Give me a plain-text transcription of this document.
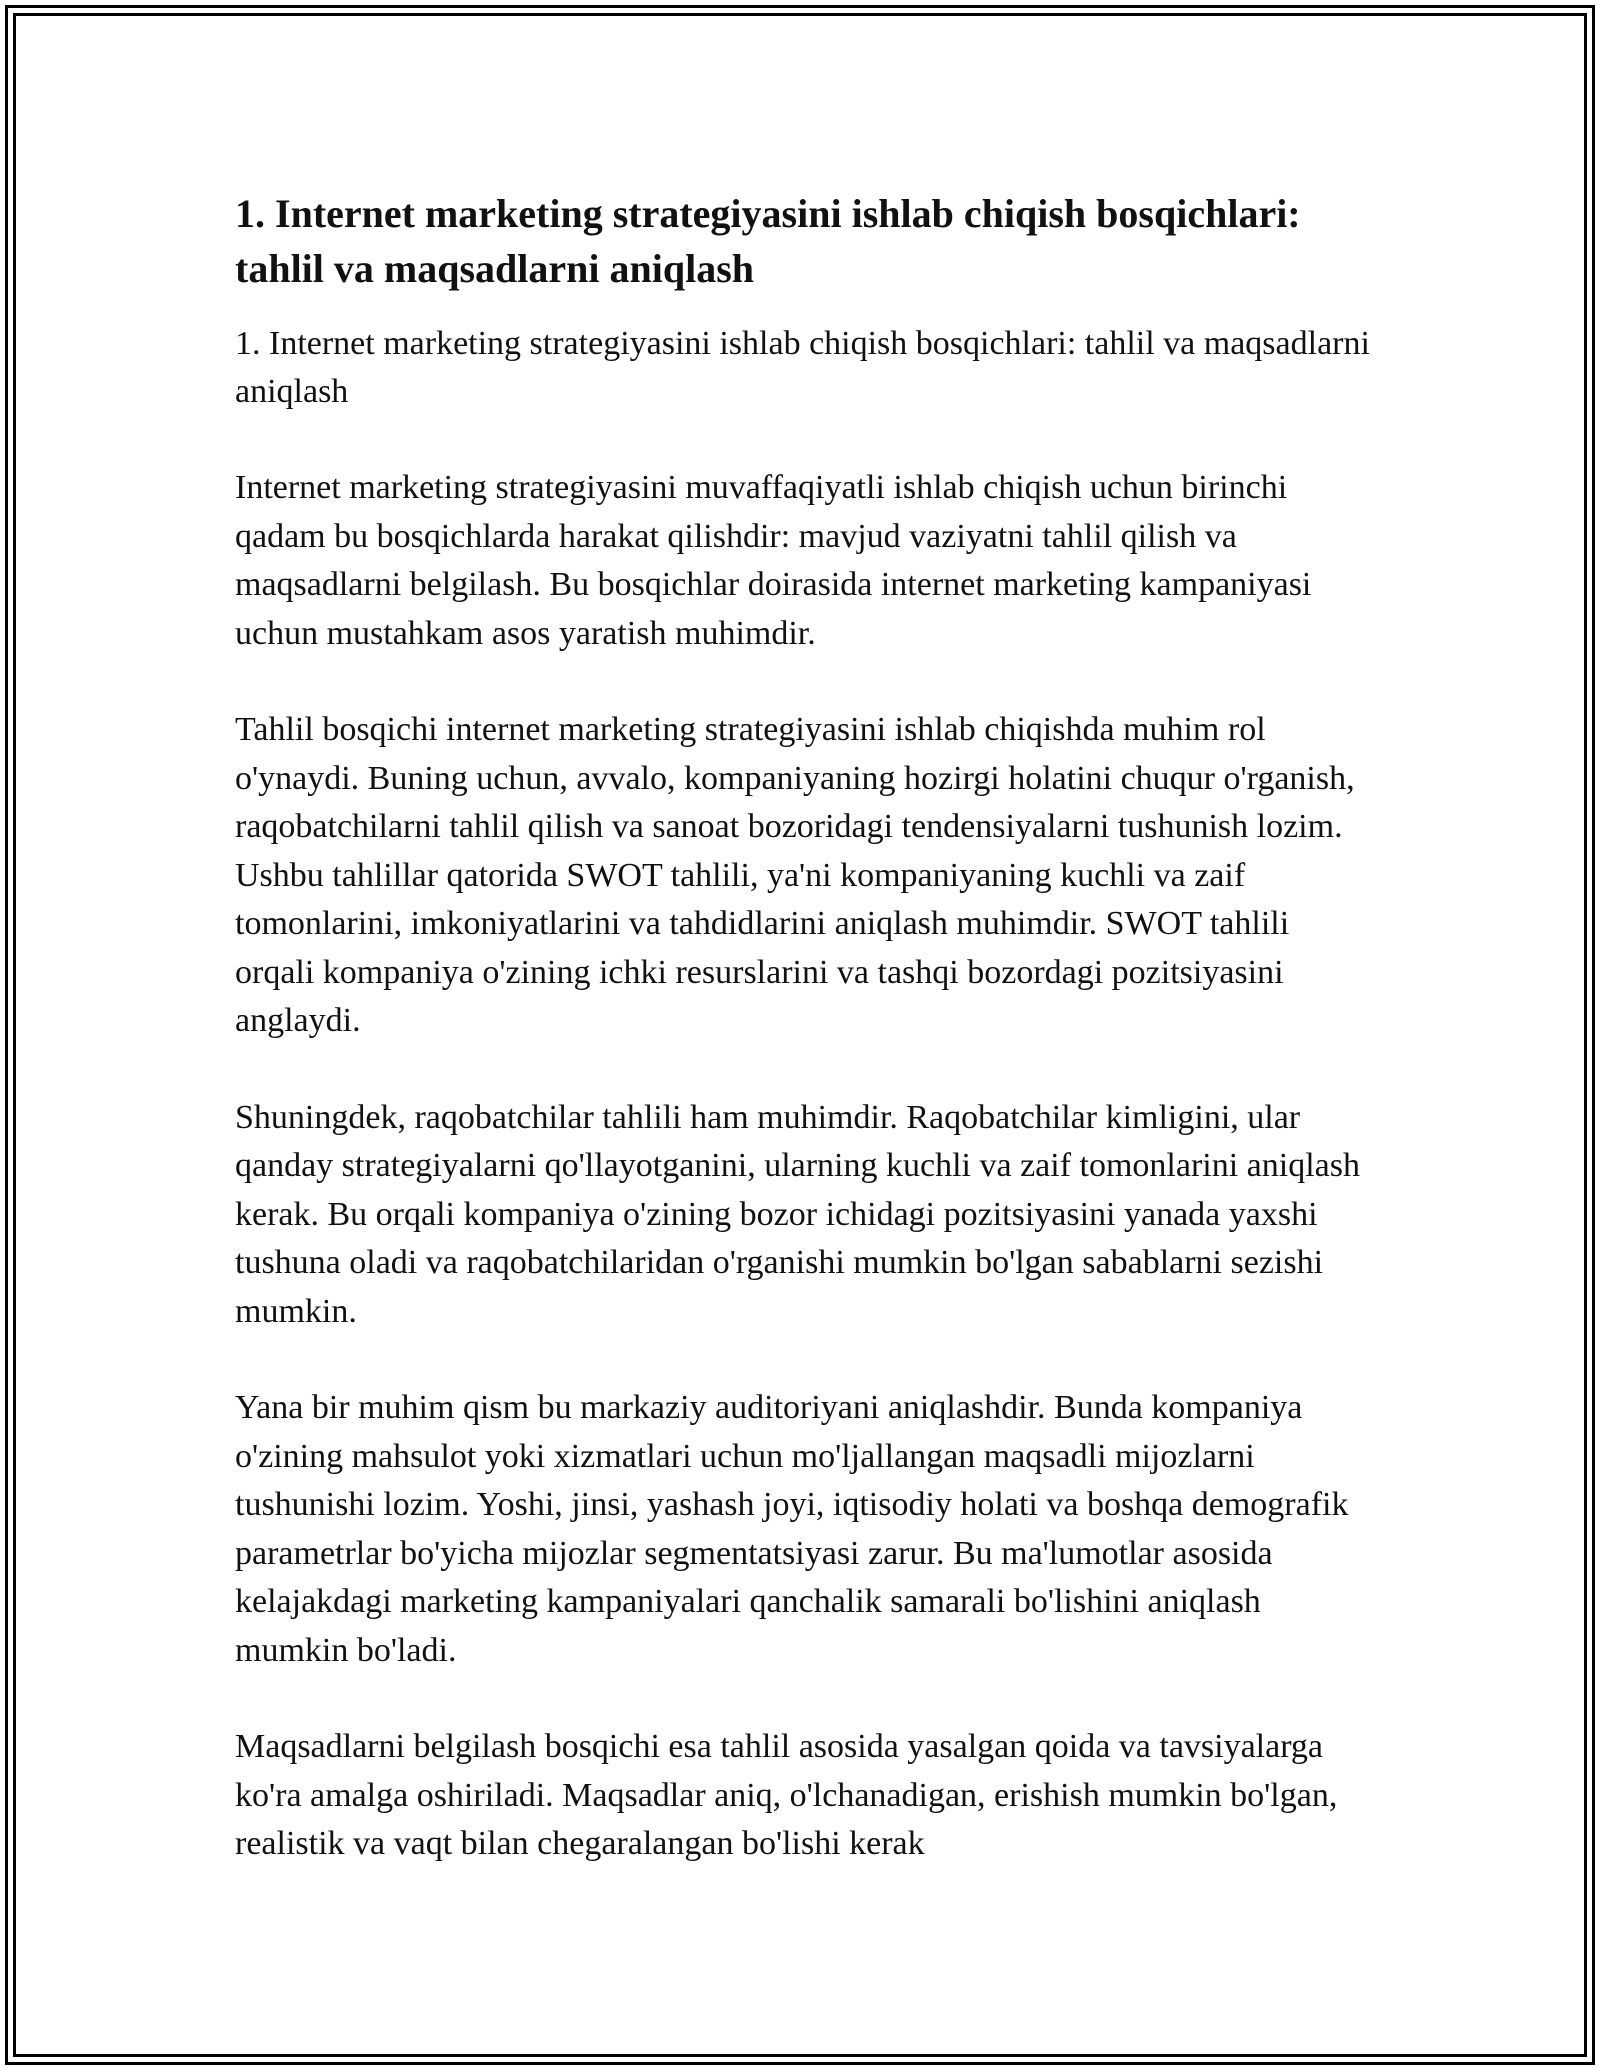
1. Internet marketing strategiyasini ishlab chiqish bosqichlari: tahlil va maqsadlarni aniqlash

1. Internet marketing strategiyasini ishlab chiqish bosqichlari: tahlil va maqsadlarni aniqlash

Internet marketing strategiyasini muvaffaqiyatli ishlab chiqish uchun birinchi qadam bu bosqichlarda harakat qilishdir: mavjud vaziyatni tahlil qilish va maqsadlarni belgilash. Bu bosqichlar doirasida internet marketing kampaniyasi uchun mustahkam asos yaratish muhimdir.

Tahlil bosqichi internet marketing strategiyasini ishlab chiqishda muhim rol o'ynaydi. Buning uchun, avvalo, kompaniyaning hozirgi holatini chuqur o'rganish, raqobatchilarni tahlil qilish va sanoat bozoridagi tendensiyalarni tushunish lozim. Ushbu tahlillar qatorida SWOT tahlili, ya'ni kompaniyaning kuchli va zaif tomonlarini, imkoniyatlarini va tahdidlarini aniqlash muhimdir. SWOT tahlili orqali kompaniya o'zining ichki resurslarini va tashqi bozordagi pozitsiyasini anglaydi.

Shuningdek, raqobatchilar tahlili ham muhimdir. Raqobatchilar kimligini, ular qanday strategiyalarni qo'llayotganini, ularning kuchli va zaif tomonlarini aniqlash kerak. Bu orqali kompaniya o'zining bozor ichidagi pozitsiyasini yanada yaxshi tushuna oladi va raqobatchilaridan o'rganishi mumkin bo'lgan sabablarni sezishi mumkin.

Yana bir muhim qism bu markaziy auditoriyani aniqlashdir. Bunda kompaniya o'zining mahsulot yoki xizmatlari uchun mo'ljallangan maqsadli mijozlarni tushunishi lozim. Yoshi, jinsi, yashash joyi, iqtisodiy holati va boshqa demografik parametrlar bo'yicha mijozlar segmentatsiyasi zarur. Bu ma'lumotlar asosida kelajakdagi marketing kampaniyalari qanchalik samarali bo'lishini aniqlash mumkin bo'ladi.

Maqsadlarni belgilash bosqichi esa tahlil asosida yasalgan qoida va tavsiyalarga ko'ra amalga oshiriladi. Maqsadlar aniq, o'lchanadigan, erishish mumkin bo'lgan, realistik va vaqt bilan chegaralangan bo'lishi kerak
